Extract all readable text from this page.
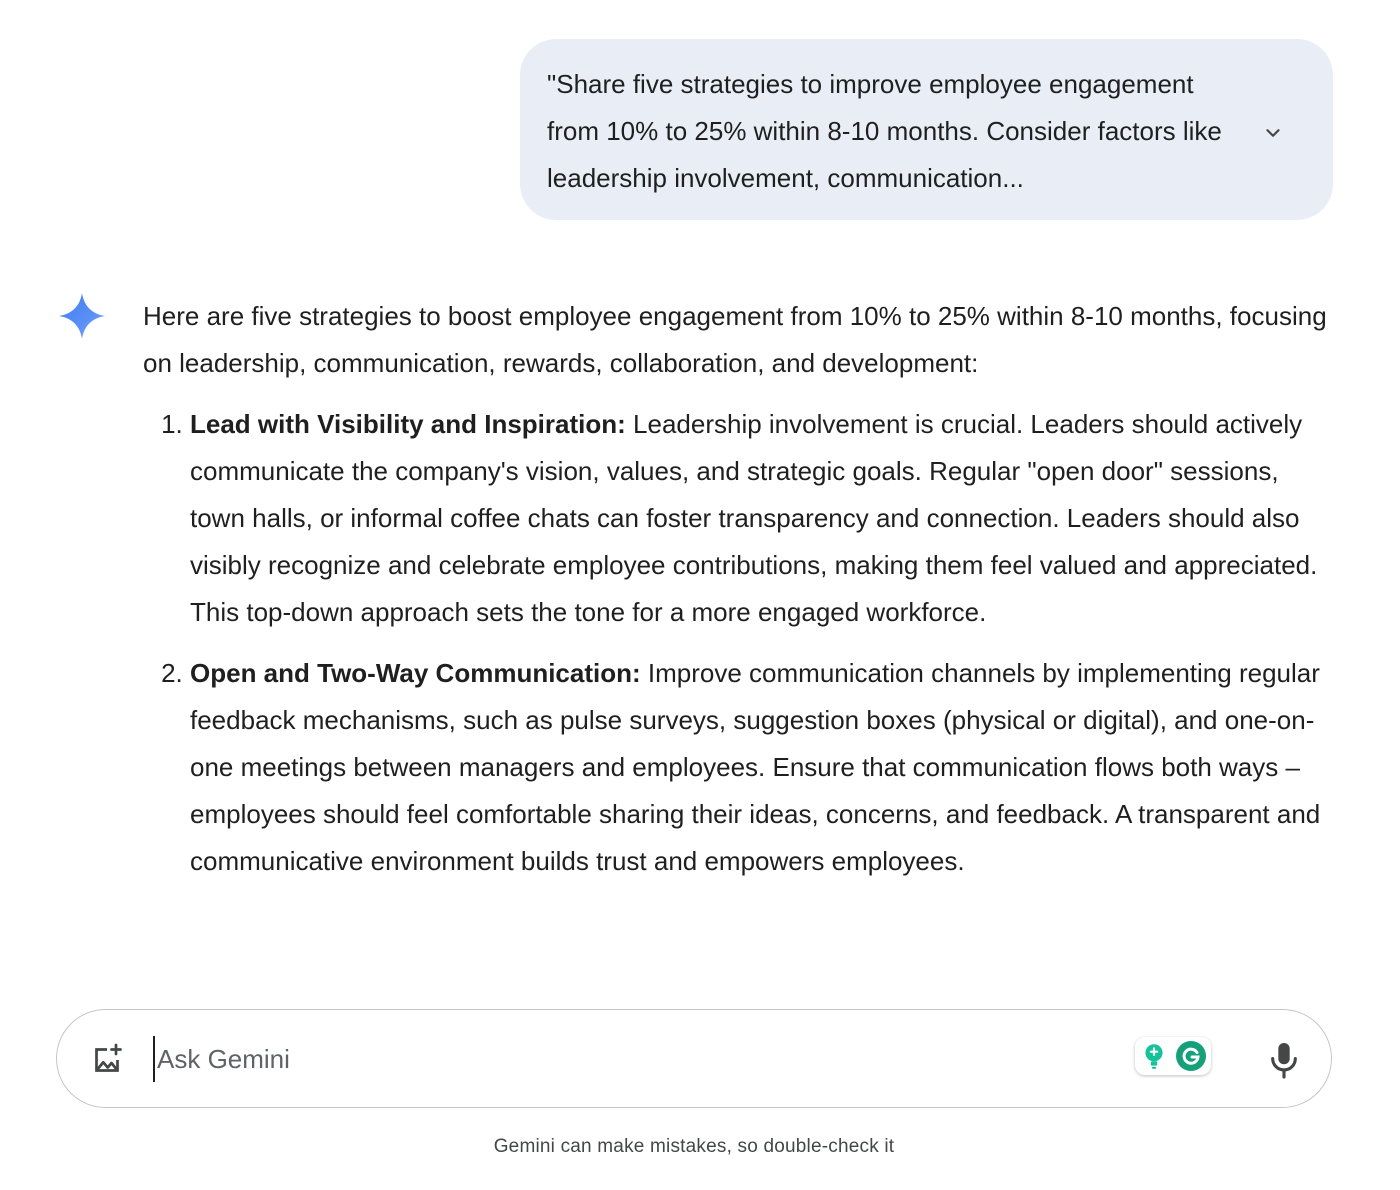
"Share five strategies to improve employee engagement from 10% to 25% within 8-10 months. Consider factors like leadership involvement, communication...

Here are five strategies to boost employee engagement from 10% to 25% within 8-10 months, focusing on leadership, communication, rewards, collaboration, and development:

1. Lead with Visibility and Inspiration: Leadership involvement is crucial. Leaders should actively communicate the company's vision, values, and strategic goals. Regular "open door" sessions, town halls, or informal coffee chats can foster transparency and connection. Leaders should also visibly recognize and celebrate employee contributions, making them feel valued and appreciated. This top-down approach sets the tone for a more engaged workforce.
2. Open and Two-Way Communication: Improve communication channels by implementing regular feedback mechanisms, such as pulse surveys, suggestion boxes (physical or digital), and one-on-one meetings between managers and employees. Ensure that communication flows both ways – employees should feel comfortable sharing their ideas, concerns, and feedback. A transparent and communicative environment builds trust and empowers employees.
Ask Gemini
Gemini can make mistakes, so double-check it
